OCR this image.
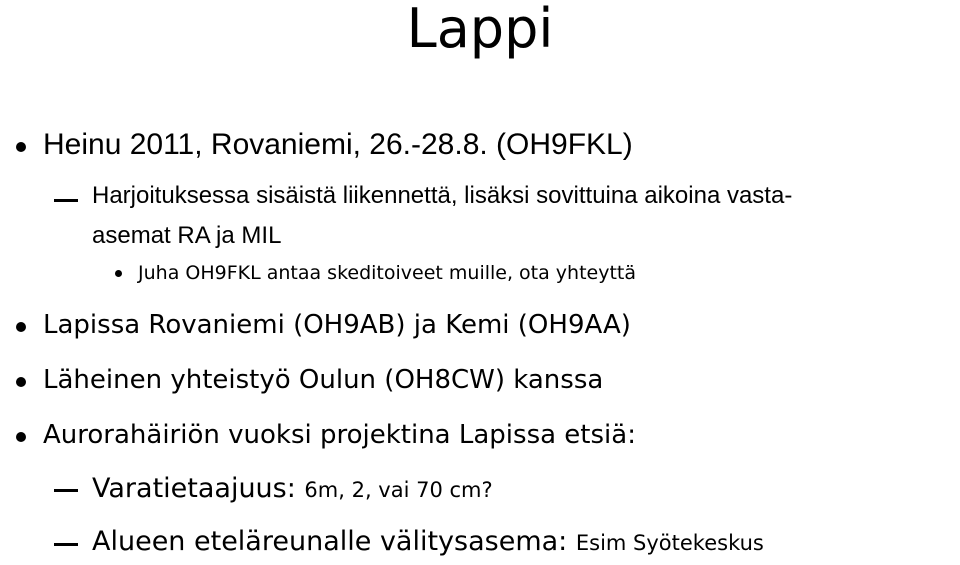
Lappi
Heinu 2011, Rovaniemi, 26.-28.8. (OH9FKL)
Harjoituksessa sisäistä liikennettä, lisäksi sovittuina aikoina vasta-
asemat RA ja MIL
Juha OH9FKL antaa skeditoiveet muille, ota yhteyttä
Lapissa Rovaniemi (OH9AB) ja Kemi (OH9AA)
Läheinen yhteistyö Oulun (OH8CW) kanssa
Aurorahäiriön vuoksi projektina Lapissa etsiä:
Varatietaajuus: 6m, 2, vai 70 cm?
Alueen eteläreunalle välitysasema: Esim Syötekeskus
